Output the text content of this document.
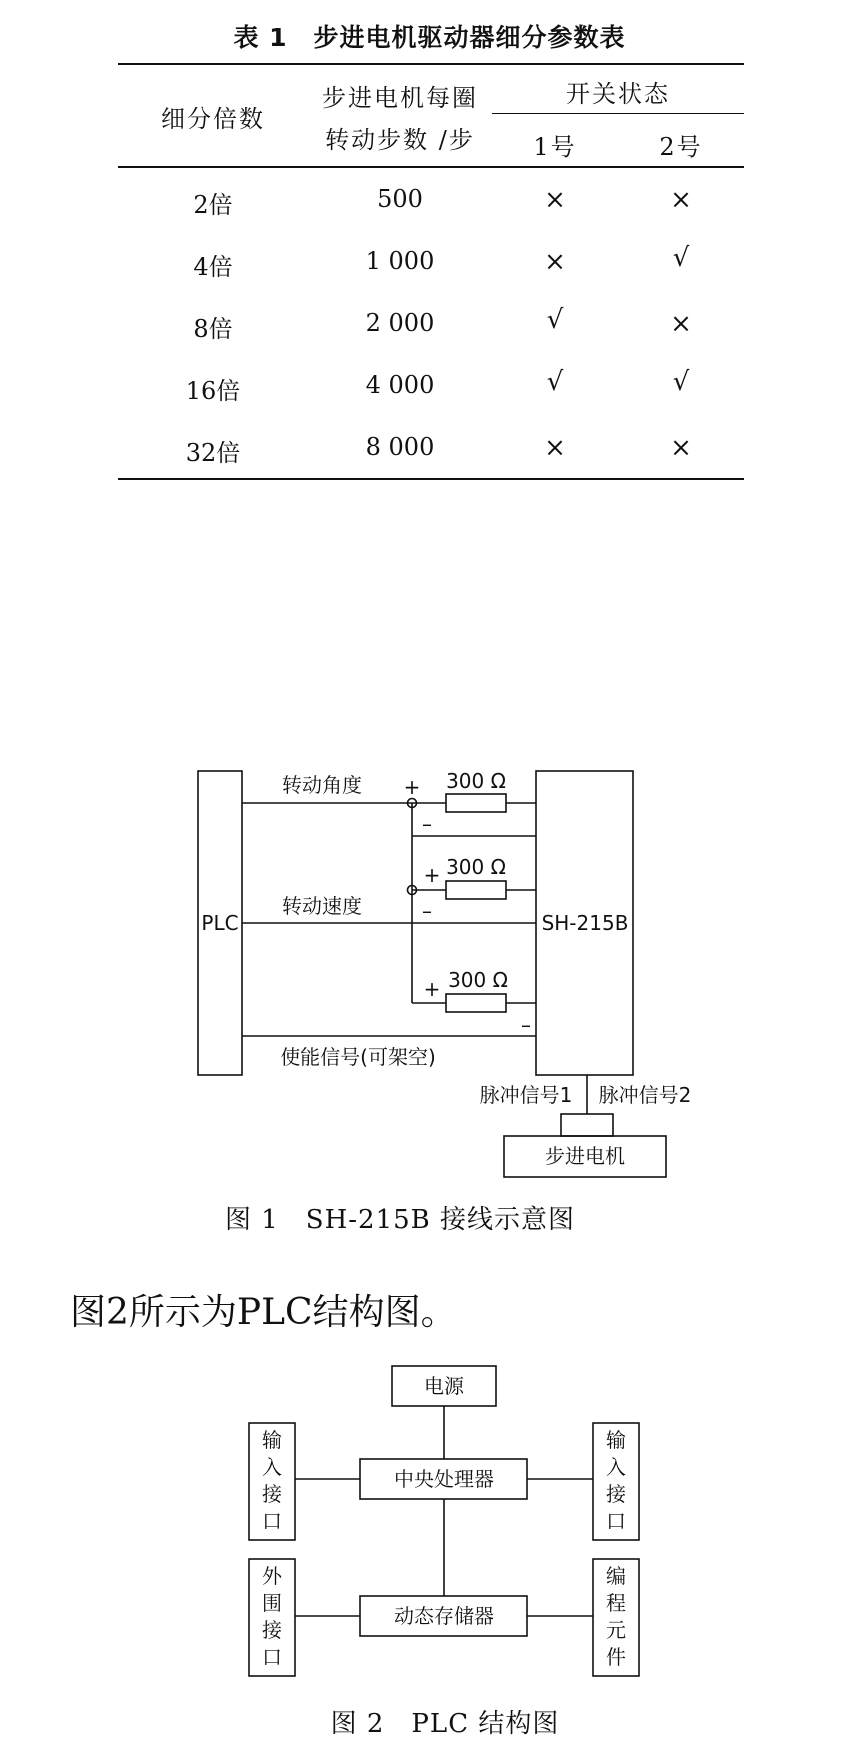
表 1　步进电机驱动器细分参数表
细分倍数
步进电机每圈
转动步数 /步
开关状态
1号	2号
2倍	500	×	×
4倍	1 000	×	√
8倍	2 000	√	×
16倍	4 000	√	√
32倍	8 000	×	×
PLC	SH-215B
转动角度
转动速度
使能信号(可架空)
300 Ω
300 Ω
300 Ω
+
–
+
–
+
–
脉冲信号1 脉冲信号2
步进电机
图 1　SH-215B 接线示意图
图2所示为PLC结构图。
电源
中央处理器
动态存储器
输入接口
输入接口
外围接口
编程元件
图 2　PLC 结构图
